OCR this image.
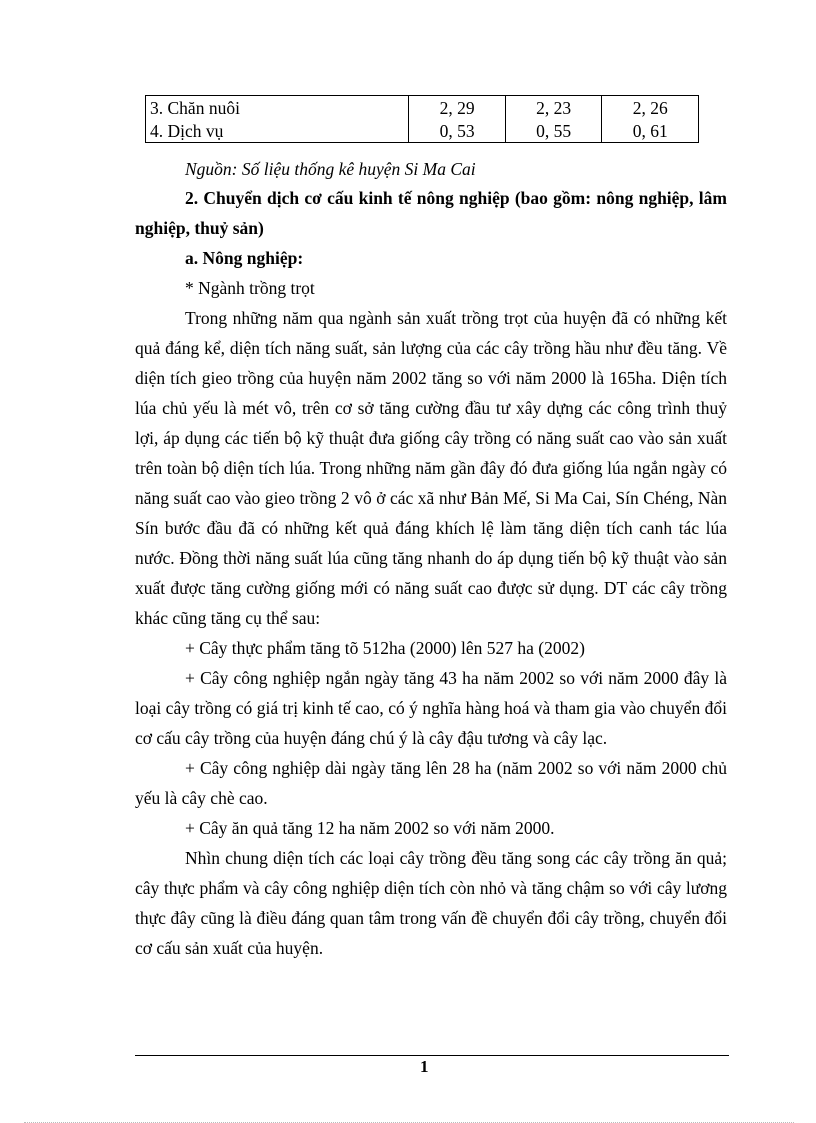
3. Chăn nuôi	2, 29	2, 23	2, 26
4. Dịch vụ	0, 53	0, 55	0, 61
Nguồn: Số liệu thống kê huyện Si Ma Cai

2. Chuyển dịch cơ cấu kinh tế nông nghiệp (bao gồm: nông nghiệp, lâm nghiệp, thuỷ sản)

a. Nông nghiệp:

* Ngành trồng trọt

Trong những năm qua ngành sản xuất trồng trọt của huyện đã có những kết quả đáng kể, diện tích năng suất, sản lượng của các cây trồng hầu như đều tăng. Về diện tích gieo trồng của huyện năm 2002 tăng so với năm 2000 là 165ha. Diện tích lúa chủ yếu là mét vô, trên cơ sở tăng cường đầu tư xây dựng các công trình thuỷ lợi, áp dụng các tiến bộ kỹ thuật đưa giống cây trồng có năng suất cao vào sản xuất trên toàn bộ diện tích lúa. Trong những năm gần đây đó đưa giống lúa ngắn ngày có năng suất cao vào gieo trồng 2 vô ở các xã như Bản Mế, Si Ma Cai, Sín Chéng, Nàn Sín bước đầu đã có những kết quả đáng khích lệ làm tăng diện tích canh tác lúa nước. Đồng thời năng suất lúa cũng tăng nhanh do áp dụng tiến bộ kỹ thuật vào sản xuất được tăng cường giống mới có năng suất cao được sử dụng. DT các cây trồng khác cũng tăng cụ thể sau:

+ Cây thực phẩm tăng tõ 512ha (2000) lên 527 ha (2002)

+ Cây công nghiệp ngắn ngày tăng 43 ha năm 2002 so với năm 2000 đây là loại cây trồng có giá trị kinh tế cao, có ý nghĩa hàng hoá và tham gia vào chuyển đổi cơ cấu cây trồng của huyện đáng chú ý là cây đậu tương và cây lạc.

+ Cây công nghiệp dài ngày tăng lên 28 ha (năm 2002 so với năm 2000 chủ yếu là cây chè cao.

+ Cây ăn quả tăng 12 ha năm 2002 so với năm 2000.

Nhìn chung diện tích các loại cây trồng đều tăng song các cây trồng ăn quả; cây thực phẩm và cây công nghiệp diện tích còn nhỏ và tăng chậm so với cây lương thực đây cũng là điều đáng quan tâm trong vấn đề chuyển đổi cây trồng, chuyển đổi cơ cấu sản xuất của huyện.

1
